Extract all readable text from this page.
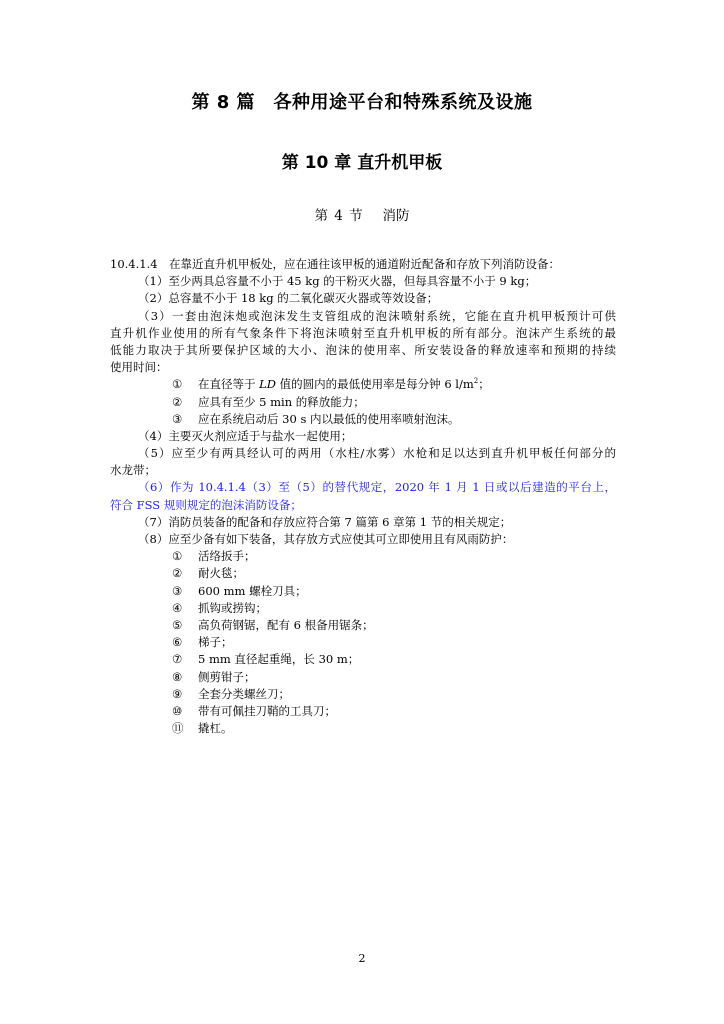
第 8 篇　各种用途平台和特殊系统及设施
第 10 章 直升机甲板
第 4 节　 消防
10.4.1.4　在靠近直升机甲板处，应在通往该甲板的通道附近配备和存放下列消防设备：
（1）至少两具总容量不小于 45 kg 的干粉灭火器，但每具容量不小于 9 kg；
（2）总容量不小于 18 kg 的二氧化碳灭火器或等效设备；
（3）一套由泡沫炮或泡沫发生支管组成的泡沫喷射系统，它能在直升机甲板预计可供
直升机作业使用的所有气象条件下将泡沫喷射至直升机甲板的所有部分。泡沫产生系统的最
低能力取决于其所要保护区域的大小、泡沫的使用率、所安装设备的释放速率和预期的持续
使用时间：
① 在直径等于 LD 值的圆内的最低使用率是每分钟 6 $l/m^2$；
② 应具有至少 5 min 的释放能力；
③ 应在系统启动后 30 s 内以最低的使用率喷射泡沫。
（4）主要灭火剂应适于与盐水一起使用；
（5）应至少有两具经认可的两用（水柱/水雾）水枪和足以达到直升机甲板任何部分的
水龙带；
（6）作为 10.4.1.4（3）至（5）的替代规定，2020 年 1 月 1 日或以后建造的平台上，
符合 FSS 规则规定的泡沫消防设备；
（7）消防员装备的配备和存放应符合第 7 篇第 6 章第 1 节的相关规定；
（8）应至少备有如下装备，其存放方式应使其可立即使用且有风雨防护：
① 活络扳手；
② 耐火毯；
③ 600 mm 螺栓刀具；
④ 抓钩或捞钩；
⑤ 高负荷钢锯，配有 6 根备用锯条；
⑥ 梯子；
⑦ 5 mm 直径起重绳，长 30 m；
⑧ 侧剪钳子；
⑨ 全套分类螺丝刀；
⑩ 带有可佩挂刀鞘的工具刀；
⑪ 撬杠。
2
